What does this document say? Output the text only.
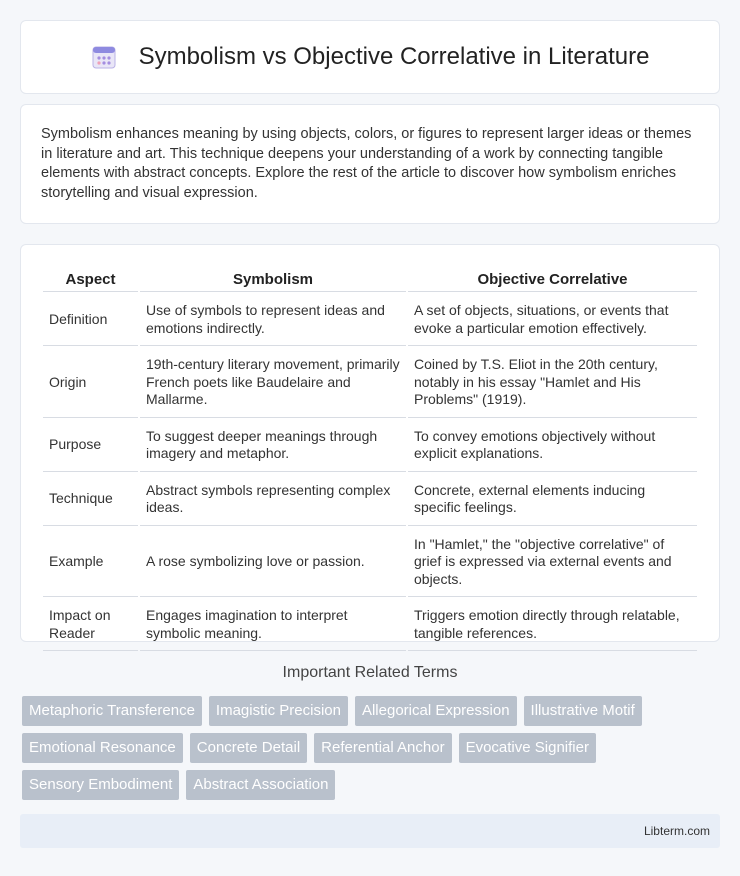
Symbolism vs Objective Correlative in Literature

Symbolism enhances meaning by using objects, colors, or figures to represent larger ideas or themes in literature and art. This technique deepens your understanding of a work by connecting tangible elements with abstract concepts. Explore the rest of the article to discover how symbolism enriches storytelling and visual expression.

Aspect	Symbolism	Objective Correlative
Definition	Use of symbols to represent ideas and emotions indirectly.	A set of objects, situations, or events that evoke a particular emotion effectively.
Origin	19th-century literary movement, primarily French poets like Baudelaire and Mallarme.	Coined by T.S. Eliot in the 20th century, notably in his essay "Hamlet and His Problems" (1919).
Purpose	To suggest deeper meanings through imagery and metaphor.	To convey emotions objectively without explicit explanations.
Technique	Abstract symbols representing complex ideas.	Concrete, external elements inducing specific feelings.
Example	A rose symbolizing love or passion.	In "Hamlet," the "objective correlative" of grief is expressed via external events and objects.
Impact on Reader	Engages imagination to interpret symbolic meaning.	Triggers emotion directly through relatable, tangible references.
Important Related Terms
Metaphoric Transference	Imagistic Precision	Allegorical Expression	Illustrative Motif
Emotional Resonance	Concrete Detail	Referential Anchor	Evocative Signifier
Sensory Embodiment	Abstract Association
Libterm.com
